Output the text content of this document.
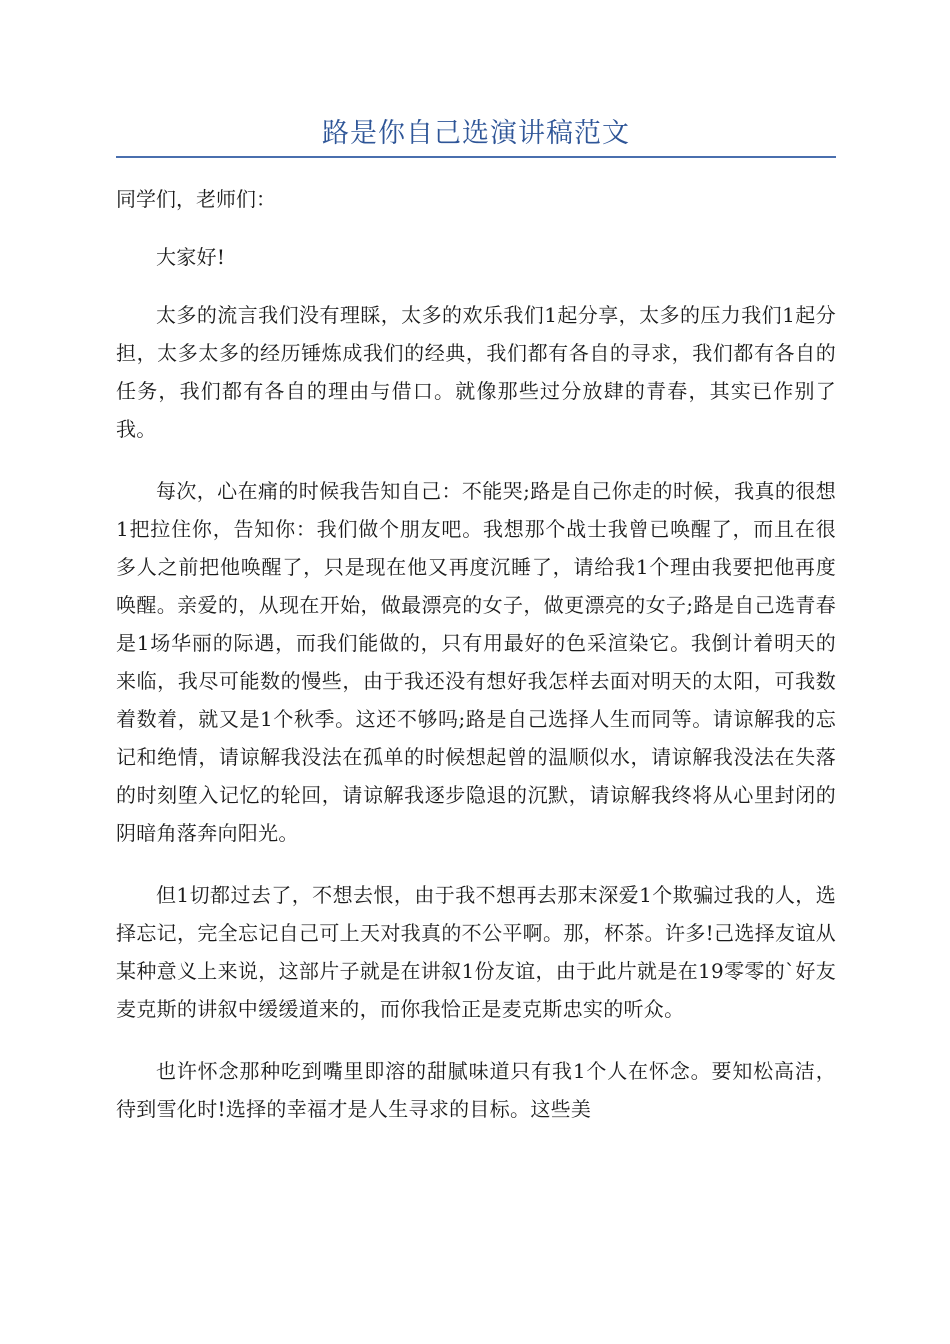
路是你自己选演讲稿范文

同学们，老师们：

大家好!

太多的流言我们没有理睬，太多的欢乐我们1起分享，太多的压力我们1起分担，太多太多的经历锤炼成我们的经典，我们都有各自的寻求，我们都有各自的任务，我们都有各自的理由与借口。就像那些过分放肆的青春，其实已作别了我。

每次，心在痛的时候我告知自己：不能哭;路是自己你走的时候，我真的很想1把拉住你，告知你：我们做个朋友吧。我想那个战士我曾已唤醒了，而且在很多人之前把他唤醒了，只是现在他又再度沉睡了，请给我1个理由我要把他再度唤醒。亲爱的，从现在开始，做最漂亮的女子，做更漂亮的女子;路是自己选青春是1场华丽的际遇，而我们能做的，只有用最好的色采渲染它。我倒计着明天的来临，我尽可能数的慢些，由于我还没有想好我怎样去面对明天的太阳，可我数着数着，就又是1个秋季。这还不够吗;路是自己选择人生而同等。请谅解我的忘记和绝情，请谅解我没法在孤单的时候想起曾的温顺似水，请谅解我没法在失落的时刻堕入记忆的轮回，请谅解我逐步隐退的沉默，请谅解我终将从心里封闭的阴暗角落奔向阳光。

但1切都过去了，不想去恨，由于我不想再去那末深爱1个欺骗过我的人，选择忘记，完全忘记自己可上天对我真的不公平啊。那，杯茶。许多!己选择友谊从某种意义上来说，这部片子就是在讲叙1份友谊，由于此片就是在19零零的`好友麦克斯的讲叙中缓缓道来的，而你我恰正是麦克斯忠实的听众。

也许怀念那种吃到嘴里即溶的甜腻味道只有我1个人在怀念。要知松高洁，待到雪化时!选择的幸福才是人生寻求的目标。这些美
